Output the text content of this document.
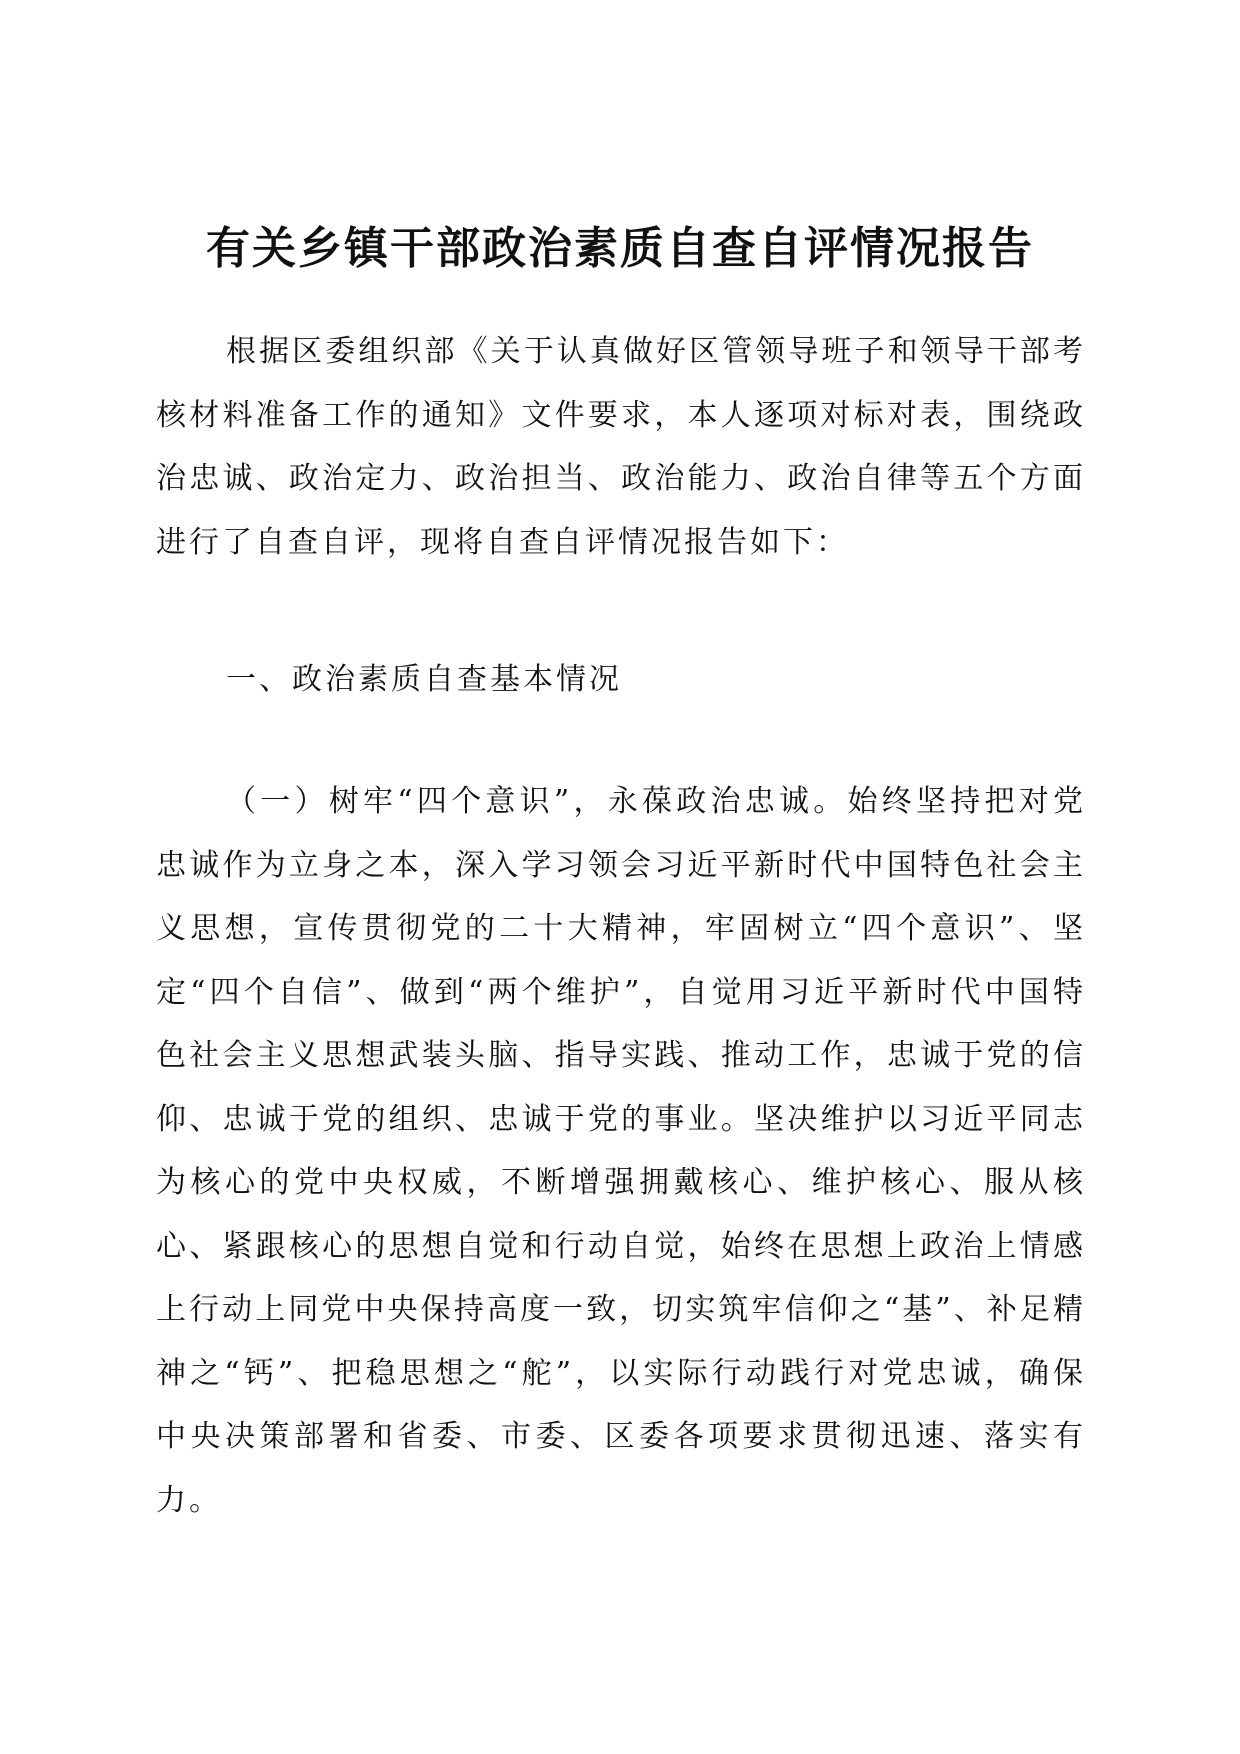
有关乡镇干部政治素质自查自评情况报告

根据区委组织部《关于认真做好区管领导班子和领导干部考核材料准备工作的通知》文件要求，本人逐项对标对表，围绕政治忠诚、政治定力、政治担当、政治能力、政治自律等五个方面进行了自查自评，现将自查自评情况报告如下：

一、政治素质自查基本情况

（一）树牢“四个意识”，永葆政治忠诚。始终坚持把对党忠诚作为立身之本，深入学习领会习近平新时代中国特色社会主义思想，宣传贯彻党的二十大精神，牢固树立“四个意识”、坚定“四个自信”、做到“两个维护”，自觉用习近平新时代中国特色社会主义思想武装头脑、指导实践、推动工作，忠诚于党的信仰、忠诚于党的组织、忠诚于党的事业。坚决维护以习近平同志为核心的党中央权威，不断增强拥戴核心、维护核心、服从核心、紧跟核心的思想自觉和行动自觉，始终在思想上政治上情感上行动上同党中央保持高度一致，切实筑牢信仰之“基”、补足精神之“钙”、把稳思想之“舵”，以实际行动践行对党忠诚，确保中央决策部署和省委、市委、区委各项要求贯彻迅速、落实有力。
